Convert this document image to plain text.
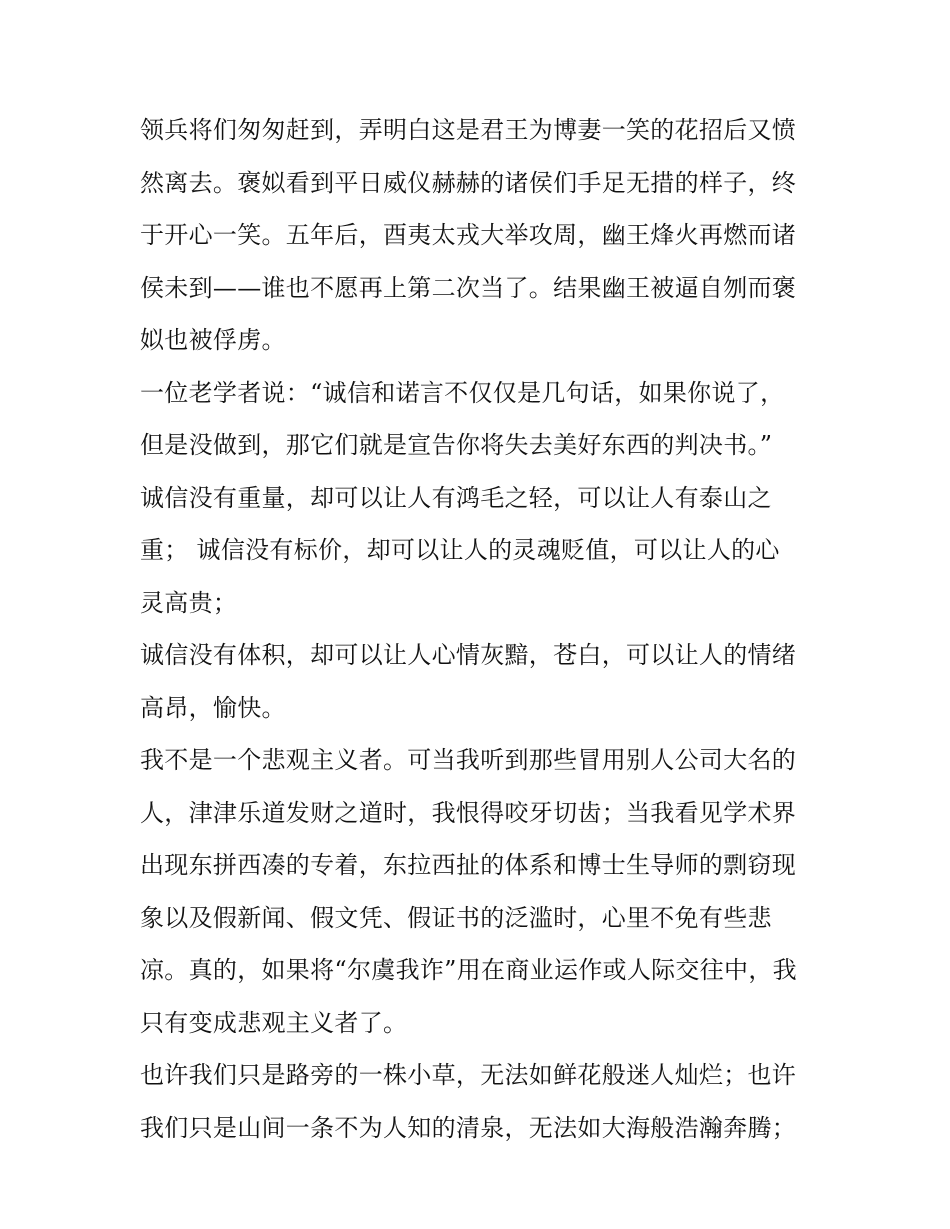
领兵将们匆匆赶到，弄明白这是君王为博妻一笑的花招后又愤
然离去。褒姒看到平日威仪赫赫的诸侯们手足无措的样子，终
于开心一笑。五年后，酉夷太戎大举攻周，幽王烽火再燃而诸
侯未到——谁也不愿再上第二次当了。结果幽王被逼自刎而褒
姒也被俘虏。
一位老学者说：“诚信和诺言不仅仅是几句话，如果你说了，
但是没做到，那它们就是宣告你将失去美好东西的判决书。”
诚信没有重量，却可以让人有鸿毛之轻，可以让人有泰山之
重； 诚信没有标价，却可以让人的灵魂贬值，可以让人的心
灵高贵；
诚信没有体积，却可以让人心情灰黯，苍白，可以让人的情绪
高昂，愉快。
我不是一个悲观主义者。可当我听到那些冒用别人公司大名的
人，津津乐道发财之道时，我恨得咬牙切齿；当我看见学术界
出现东拼西凑的专着，东拉西扯的体系和博士生导师的剽窃现
象以及假新闻、假文凭、假证书的泛滥时，心里不免有些悲
凉。真的，如果将“尔虞我诈”用在商业运作或人际交往中，我
只有变成悲观主义者了。
也许我们只是路旁的一株小草，无法如鲜花般迷人灿烂；也许
我们只是山间一条不为人知的清泉，无法如大海般浩瀚奔腾；
